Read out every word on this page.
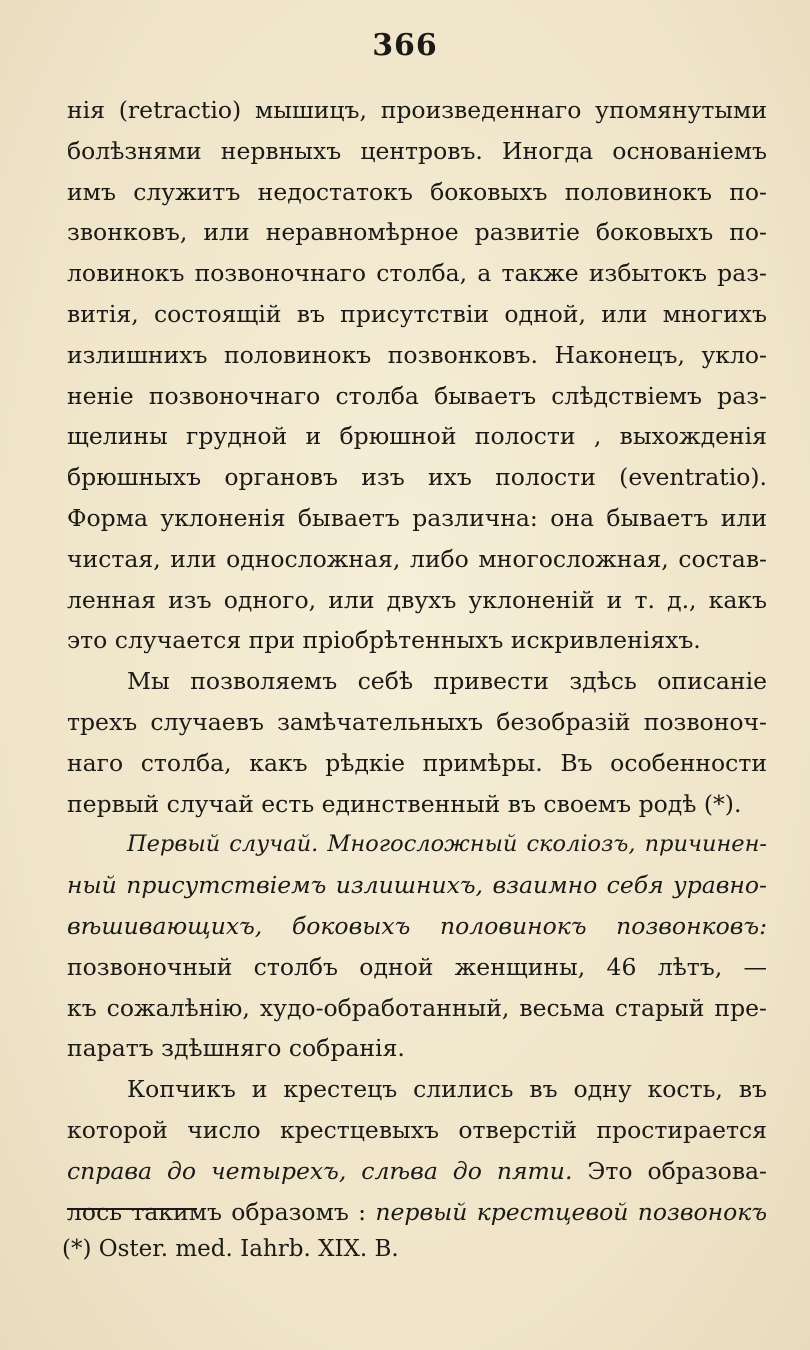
366
нія (retractio) мышицъ, произведеннаго упомянутыми
болѣзнями нервныхъ центровъ. Иногда основаніемъ
имъ служитъ недостатокъ боковыхъ половинокъ по-
звонковъ, или неравномѣрное развитіе боковыхъ по-
ловинокъ позвоночнаго столба, а также избытокъ раз-
витія, состоящій въ присутствіи одной, или многихъ
излишнихъ половинокъ позвонковъ. Наконецъ, укло-
неніе позвоночнаго столба бываетъ слѣдствіемъ раз-
щелины грудной и брюшной полости , выхожденія
брюшныхъ органовъ изъ ихъ полости (eventratio).
Форма уклоненія бываетъ различна: она бываетъ или
чистая, или односложная, либо многосложная, состав-
ленная изъ одного, или двухъ уклоненій и т. д., какъ
это случается при пріобрѣтенныхъ искривленіяхъ.
Мы позволяемъ себѣ привести здѣсь описаніе
трехъ случаевъ замѣчательныхъ безобразій позвоноч-
наго столба, какъ рѣдкіе примѣры. Въ особенности
первый случай есть единственный въ своемъ родѣ (*).
Первый случай. Многосложный сколіозъ, причинен-
ный присутствіемъ излишнихъ, взаимно себя уравно-
вѣшивающихъ, боковыхъ половинокъ позвонковъ:
позвоночный столбъ одной женщины, 46 лѣтъ, —
къ сожалѣнію, худо-обработанный, весьма старый пре-
паратъ здѣшняго собранія.
Копчикъ и крестецъ слились въ одну кость, въ
которой число крестцевыхъ отверстій простирается
справа до четырехъ, слѣва до пяти. Это образова-
лось такимъ образомъ : первый крестцевой позвонокъ
(*) Oster. med. Iahrb. XIX. B.
